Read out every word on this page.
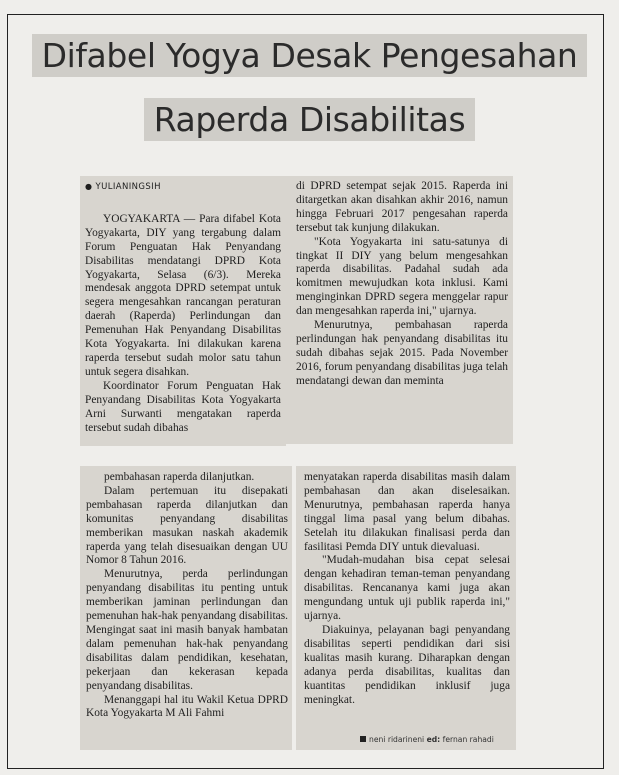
Difabel Yogya Desak Pengesahan
Raperda Disabilitas

● YULIANINGSIH

YOGYAKARTA — Para difabel Kota Yogyakarta, DIY yang tergabung dalam Forum Penguatan Hak Penyandang Disabilitas mendatangi DPRD Kota Yogyakarta, Selasa (6/3). Mereka mendesak anggota DPRD setempat untuk segera mengesahkan rancangan peraturan daerah (Raperda) Perlindungan dan Pemenuhan Hak Penyandang Disabilitas Kota Yogyakarta. Ini dilakukan karena raperda tersebut sudah molor satu tahun untuk segera disahkan.

Koordinator Forum Penguatan Hak Penyandang Disabilitas Kota Yogyakarta Arni Surwanti mengatakan raperda tersebut sudah dibahas

di DPRD setempat sejak 2015. Raperda ini ditargetkan akan disahkan akhir 2016, namun hingga Februari 2017 pengesahan raperda tersebut tak kunjung dilakukan.

"Kota Yogyakarta ini satu-satunya di tingkat II DIY yang belum mengesahkan raperda disabilitas. Padahal sudah ada komitmen mewujudkan kota inklusi. Kami menginginkan DPRD segera menggelar rapur dan mengesahkan raperda ini," ujarnya.

Menurutnya, pembahasan raperda perlindungan hak penyandang disabilitas itu sudah dibahas sejak 2015. Pada November 2016, forum penyandang disabilitas juga telah mendatangi dewan dan meminta

pembahasan raperda dilanjutkan.

Dalam pertemuan itu disepakati pembahasan raperda dilanjutkan dan komunitas penyandang disabilitas memberikan masukan naskah akademik raperda yang telah disesuaikan dengan UU Nomor 8 Tahun 2016.

Menurutnya, perda perlindungan penyandang disabilitas itu penting untuk memberikan jaminan perlindungan dan pemenuhan hak-hak penyandang disabilitas. Mengingat saat ini masih banyak hambatan dalam pemenuhan hak-hak penyandang disabilitas dalam pendidikan, kesehatan, pekerjaan dan kekerasan kepada penyandang disabilitas.

Menanggapi hal itu Wakil Ketua DPRD Kota Yogyakarta M Ali Fahmi

menyatakan raperda disabilitas masih dalam pembahasan dan akan diselesaikan. Menurutnya, pembahasan raperda hanya tinggal lima pasal yang belum dibahas. Setelah itu dilakukan finalisasi perda dan fasilitasi Pemda DIY untuk dievaluasi.

"Mudah-mudahan bisa cepat selesai dengan kehadiran teman-teman penyandang disabilitas. Rencananya kami juga akan mengundang untuk uji publik raperda ini," ujarnya.

Diakuinya, pelayanan bagi penyandang disabilitas seperti pendidikan dari sisi kualitas masih kurang. Diharapkan dengan adanya perda disabilitas, kualitas dan kuantitas pendidikan inklusif juga meningkat.

neni ridarineni ed: fernan rahadi
